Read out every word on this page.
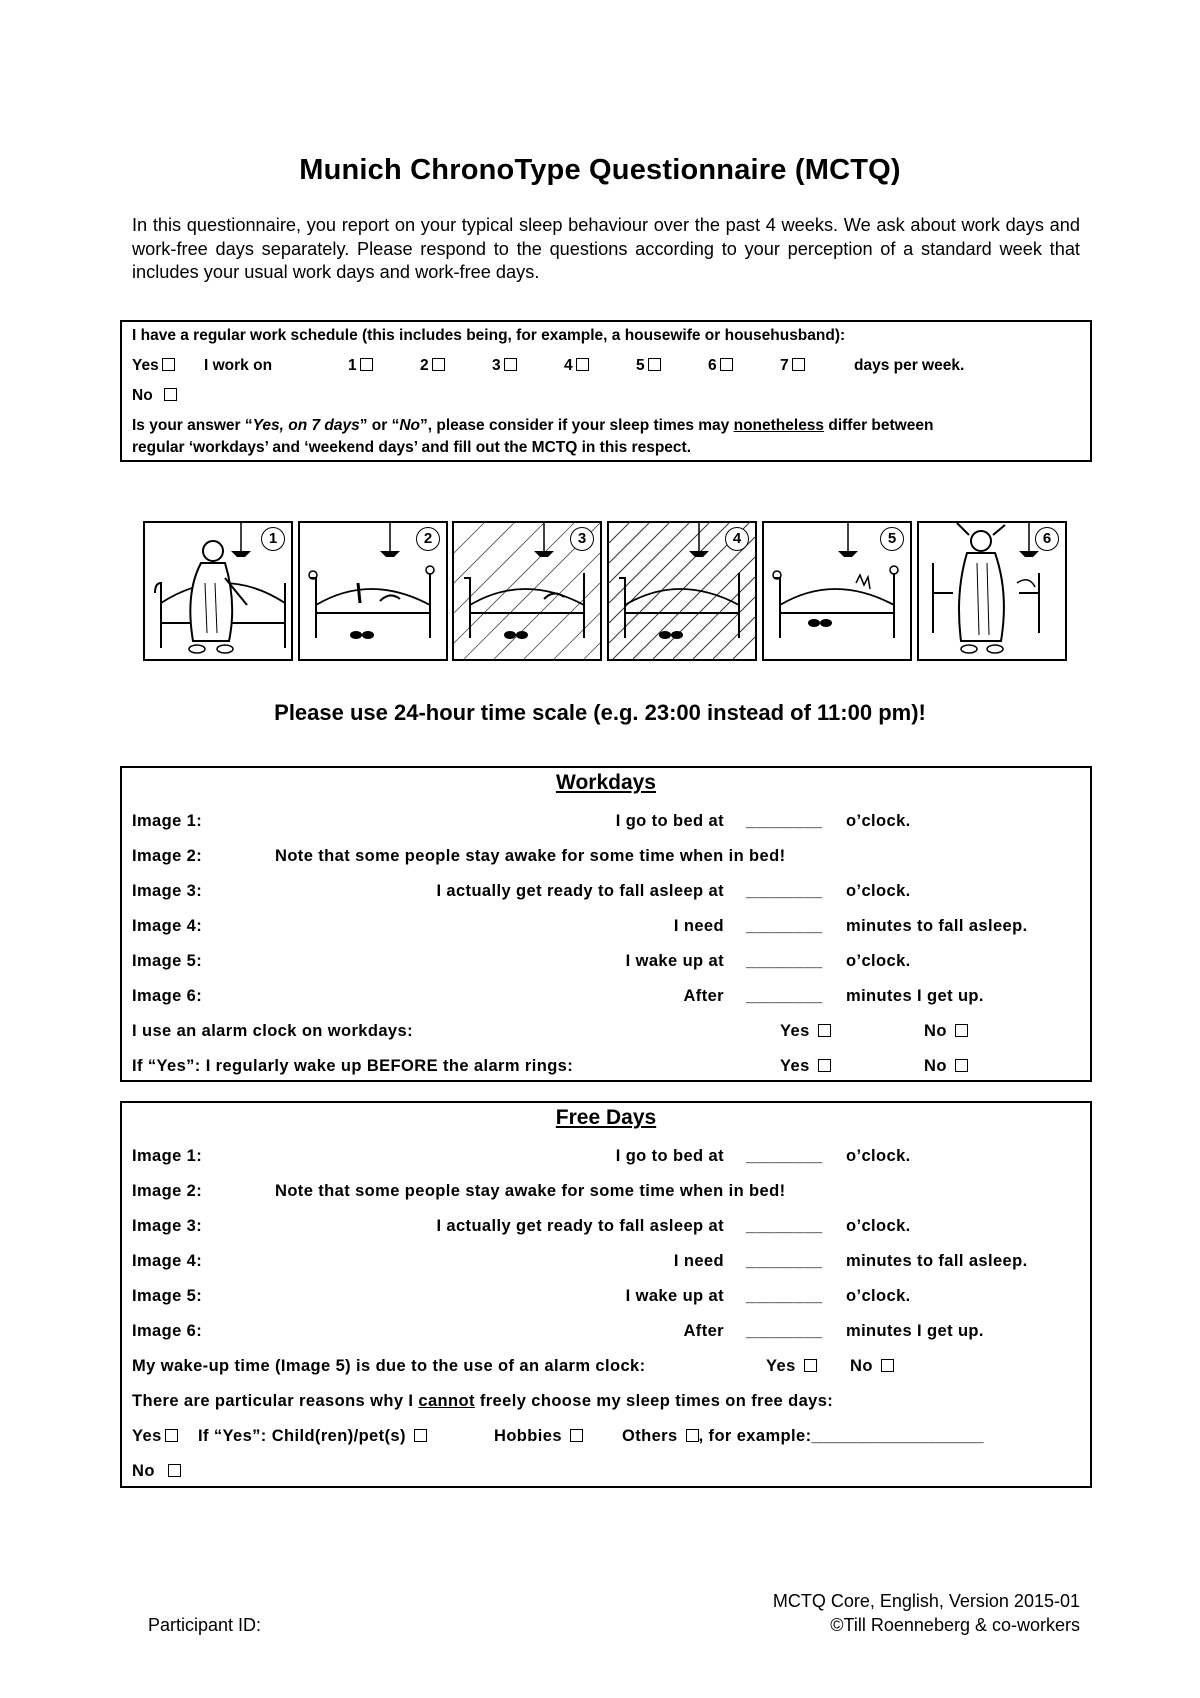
Munich ChronoType Questionnaire (MCTQ)

In this questionnaire, you report on your typical sleep behaviour over the past 4 weeks. We ask about work days and work-free days separately. Please respond to the questions according to your perception of a standard week that includes your usual work days and work-free days.

I have a regular work schedule (this includes being, for example, a housewife or househusband):
Yes	I work on	1	2	3	4	5	6	7	days per week.
No
Is your answer “Yes, on 7 days” or “No”, please consider if your sleep times may nonetheless differ between
regular ‘workdays’ and ‘weekend days’ and fill out the MCTQ in this respect.
1	2	3	4	5	6
Please use 24-hour time scale (e.g. 23:00 instead of 11:00 pm)!
Workdays
Image 1:	I go to bed at ________ o’clock.
Image 2:	Note that some people stay awake for some time when in bed!
Image 3:	I actually get ready to fall asleep at ________ o’clock.
Image 4:	I need ________ minutes to fall asleep.
Image 5:	I wake up at ________ o’clock.
Image 6:	After ________ minutes I get up.
I use an alarm clock on workdays:	Yes	No
If “Yes”: I regularly wake up BEFORE the alarm rings:	Yes	No
Free Days
Image 1:	I go to bed at ________ o’clock.
Image 2:	Note that some people stay awake for some time when in bed!
Image 3:	I actually get ready to fall asleep at ________ o’clock.
Image 4:	I need ________ minutes to fall asleep.
Image 5:	I wake up at ________ o’clock.
Image 6:	After ________ minutes I get up.
My wake-up time (Image 5) is due to the use of an alarm clock:	Yes	No
There are particular reasons why I cannot freely choose my sleep times on free days:
Yes	If “Yes”: Child(ren)/pet(s)	Hobbies	Others , for example:____________________
No
Participant ID:
MCTQ Core, English, Version 2015-01
©Till Roenneberg & co-workers
